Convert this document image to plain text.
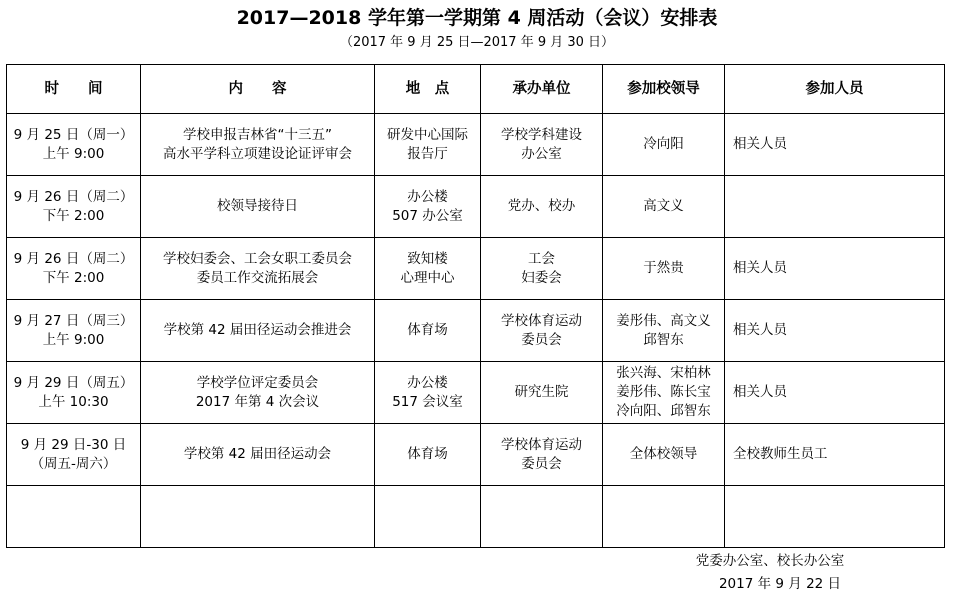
2017—2018 学年第一学期第 4 周活动（会议）安排表
（2017 年 9 月 25 日—2017 年 9 月 30 日）
时　　间	内　　容	地　点	承办单位	参加校领导	参加人员

9 月 25 日（周一）
上午 9:00	学校申报吉林省“十三五”
高水平学科立项建设论证评审会	研发中心国际
报告厅	学校学科建设
办公室	冷向阳	相关人员

9 月 26 日（周二）
下午 2:00	校领导接待日	办公楼
507 办公室	党办、校办	高文义	

9 月 26 日（周二）
下午 2:00	学校妇委会、工会女职工委员会
委员工作交流拓展会	致知楼
心理中心	工会
妇委会	于然贵	相关人员

9 月 27 日（周三）
上午 9:00	学校第 42 届田径运动会推进会	体育场	学校体育运动
委员会	姜彤伟、高文义
邱智东	相关人员

9 月 29 日（周五）
上午 10:30	学校学位评定委员会
2017 年第 4 次会议	办公楼
517 会议室	研究生院	张兴海、宋柏林
姜彤伟、陈长宝
冷向阳、邱智东	相关人员

9 月 29 日-30 日
（周五-周六）	学校第 42 届田径运动会	体育场	学校体育运动
委员会	全体校领导	全校教师生员工

党委办公室、校长办公室
2017 年 9 月 22 日
